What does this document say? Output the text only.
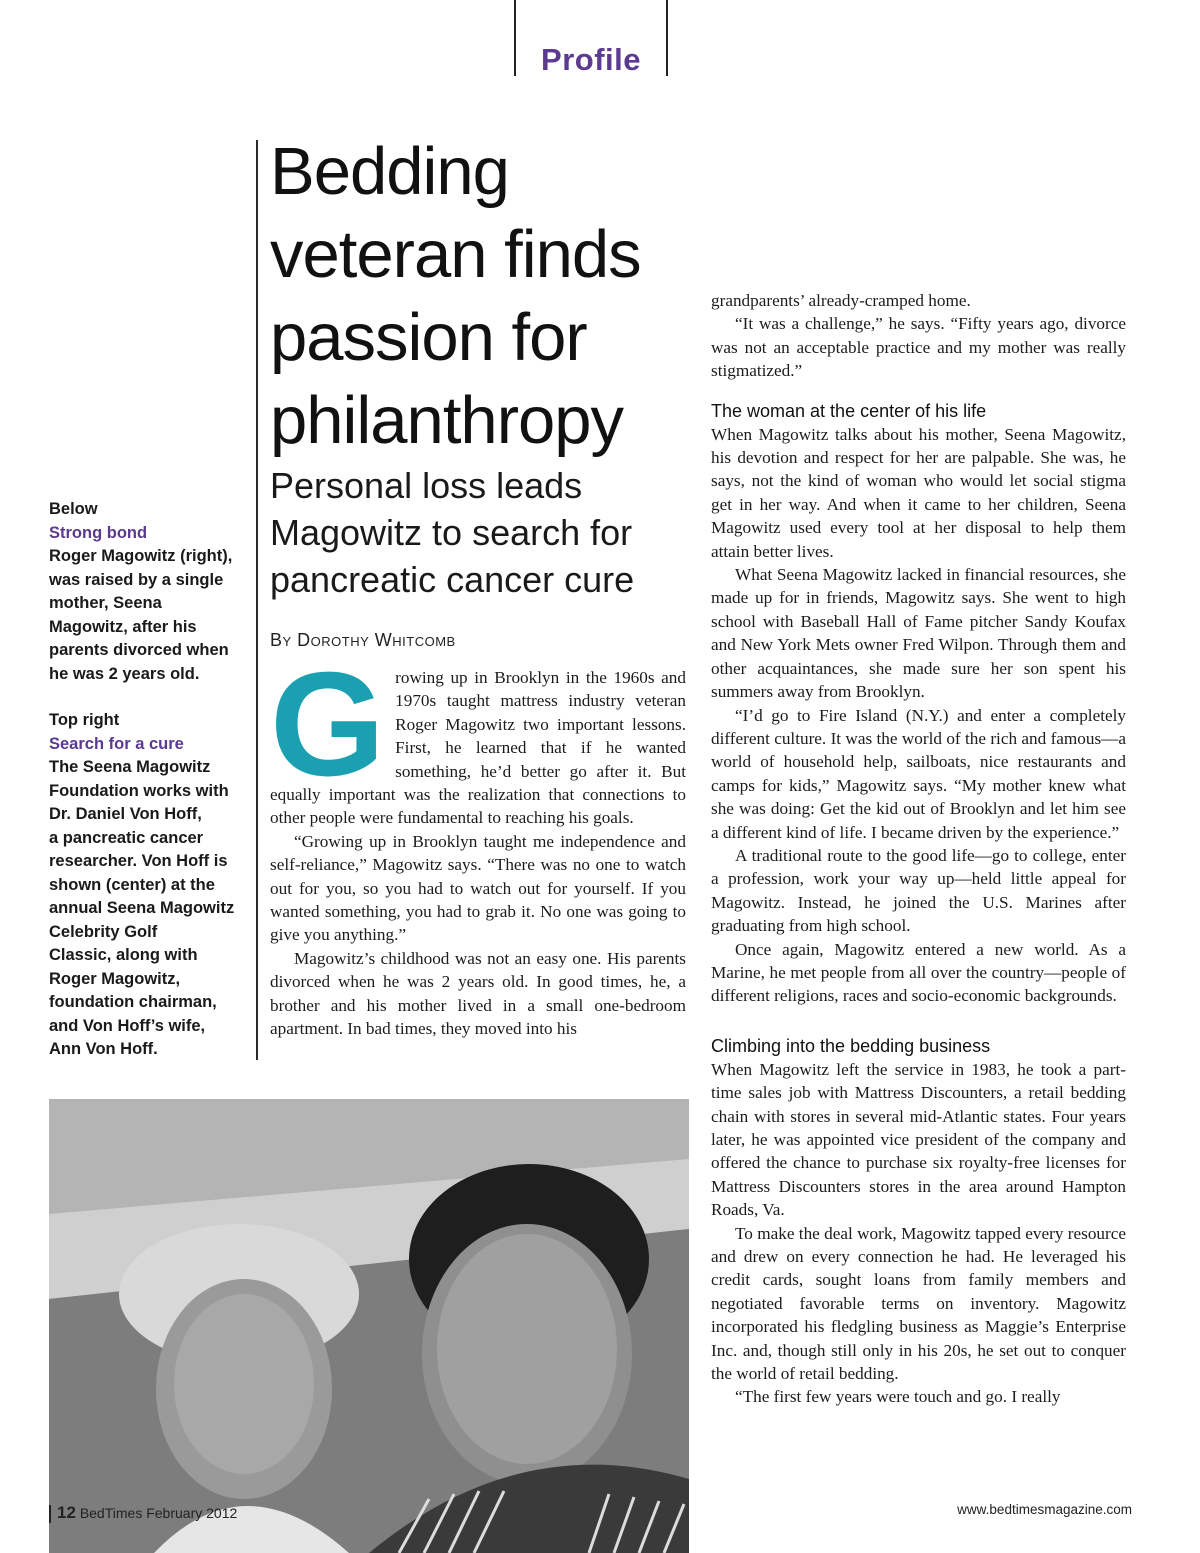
Profile
Bedding veteran finds passion for philanthropy
Personal loss leads Magowitz to search for pancreatic cancer cure
By Dorothy Whitcomb
Below
Strong bond
Roger Magowitz (right),
was raised by a single
mother, Seena
Magowitz, after his
parents divorced when
he was 2 years old.
Top right
Search for a cure
The Seena Magowitz
Foundation works with
Dr. Daniel Von Hoff,
a pancreatic cancer
researcher. Von Hoff is
shown (center) at the
annual Seena Magowitz
Celebrity Golf
Classic, along with
Roger Magowitz,
foundation chairman,
and Von Hoff’s wife,
Ann Von Hoff.
G rowing up in Brooklyn in the 1960s and 1970s taught mattress industry veteran Roger Magowitz two important lessons. First, he learned that if he wanted something, he’d better go after it. But equally important was the realization that connections to other people were fundamental to reaching his goals.

“Growing up in Brooklyn taught me independence and self-reliance,” Magowitz says. “There was no one to watch out for you, so you had to watch out for yourself. If you wanted something, you had to grab it. No one was going to give you anything.”

Magowitz’s childhood was not an easy one. His parents divorced when he was 2 years old. In good times, he, a brother and his mother lived in a small one-bedroom apartment. In bad times, they moved into his

grandparents’ already-cramped home.

“It was a challenge,” he says. “Fifty years ago, divorce was not an acceptable practice and my mother was really stigmatized.”

The woman at the center of his life

When Magowitz talks about his mother, Seena Magowitz, his devotion and respect for her are palpable. She was, he says, not the kind of woman who would let social stigma get in her way. And when it came to her children, Seena Magowitz used every tool at her disposal to help them attain better lives.

What Seena Magowitz lacked in financial resources, she made up for in friends, Magowitz says. She went to high school with Baseball Hall of Fame pitcher Sandy Koufax and New York Mets owner Fred Wilpon. Through them and other acquaintances, she made sure her son spent his summers away from Brooklyn.

“I’d go to Fire Island (N.Y.) and enter a completely different culture. It was the world of the rich and famous—a world of household help, sailboats, nice restaurants and camps for kids,” Magowitz says. “My mother knew what she was doing: Get the kid out of Brooklyn and let him see a different kind of life. I became driven by the experience.”

A traditional route to the good life—go to college, enter a profession, work your way up—held little appeal for Magowitz. Instead, he joined the U.S. Marines after graduating from high school.

Once again, Magowitz entered a new world. As a Marine, he met people from all over the country—people of different religions, races and socio-economic backgrounds.

Climbing into the bedding business

When Magowitz left the service in 1983, he took a part-time sales job with Mattress Discounters, a retail bedding chain with stores in several mid-Atlantic states. Four years later, he was appointed vice president of the company and offered the chance to purchase six royalty-free licenses for Mattress Discounters stores in the area around Hampton Roads, Va.

To make the deal work, Magowitz tapped every resource and drew on every connection he had. He leveraged his credit cards, sought loans from family members and negotiated favorable terms on inventory. Magowitz incorporated his fledgling business as Maggie’s Enterprise Inc. and, though still only in his 20s, he set out to conquer the world of retail bedding.

“The first few years were touch and go. I really

12 BedTimes February 2012	www.bedtimesmagazine.com
